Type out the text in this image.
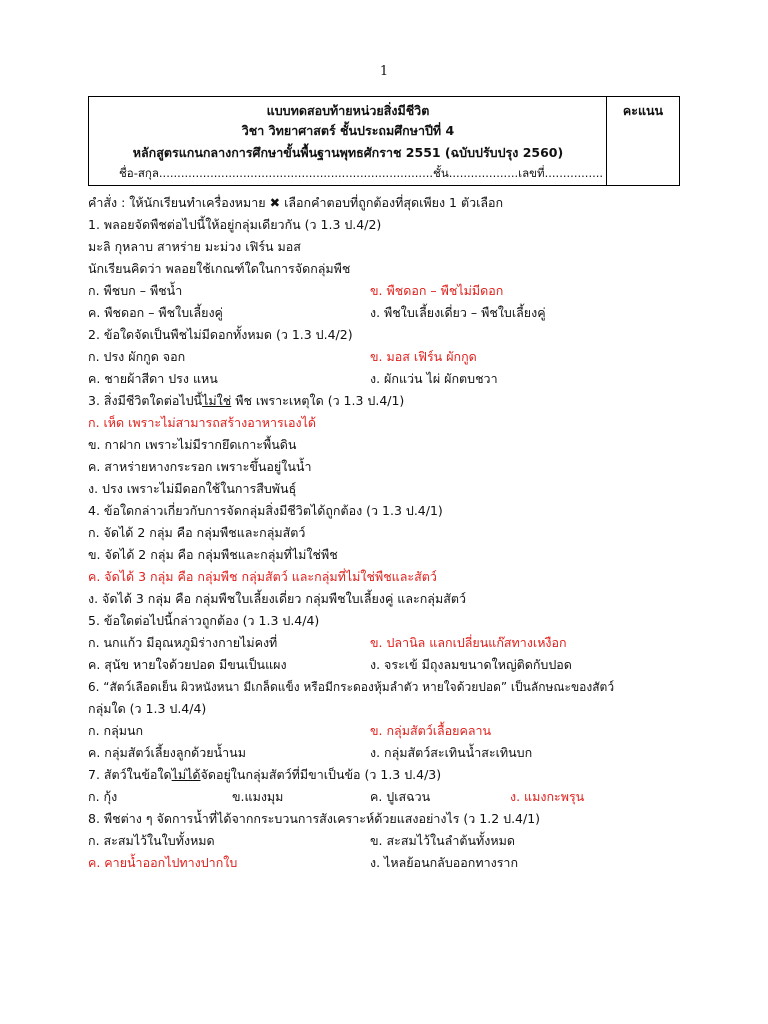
1
แบบทดสอบท้ายหน่วยสิ่งมีชีวิต
วิชา วิทยาศาสตร์ ชั้นประถมศึกษาปีที่ 4
หลักสูตรแกนกลางการศึกษาขั้นพื้นฐานพุทธศักราช 2551 (ฉบับปรับปรุง 2560)
ชื่อ-สกุล...........................................................................ชั้น...................เลขที่................
คะแนน
คำสั่ง : ให้นักเรียนทำเครื่องหมาย ✖ เลือกคำตอบที่ถูกต้องที่สุดเพียง 1 ตัวเลือก
1. พลอยจัดพืชต่อไปนี้ให้อยู่กลุ่มเดียวกัน (ว 1.3 ป.4/2)
มะลิ กุหลาบ สาหร่าย มะม่วง เฟิร์น มอส
นักเรียนคิดว่า พลอยใช้เกณฑ์ใดในการจัดกลุ่มพืช
ก. พืชบก – พืชน้ำ	ข. พืชดอก – พืชไม่มีดอก
ค. พืชดอก – พืชใบเลี้ยงคู่	ง. พืชใบเลี้ยงเดี่ยว – พืชใบเลี้ยงคู่
2. ข้อใดจัดเป็นพืชไม่มีดอกทั้งหมด (ว 1.3 ป.4/2)
ก. ปรง ผักกูด จอก	ข. มอส เฟิร์น ผักกูด
ค. ชายผ้าสีดา ปรง แหน	ง. ผักแว่น ไผ่ ผักตบชวา
3. สิ่งมีชีวิตใดต่อไปนี้ไม่ใช่ พืช เพราะเหตุใด (ว 1.3 ป.4/1)
ก. เห็ด เพราะไม่สามารถสร้างอาหารเองได้
ข. กาฝาก เพราะไม่มีรากยึดเกาะพื้นดิน
ค. สาหร่ายหางกระรอก เพราะขึ้นอยู่ในน้ำ
ง. ปรง เพราะไม่มีดอกใช้ในการสืบพันธุ์
4. ข้อใดกล่าวเกี่ยวกับการจัดกลุ่มสิ่งมีชีวิตได้ถูกต้อง (ว 1.3 ป.4/1)
ก. จัดได้ 2 กลุ่ม คือ กลุ่มพืชและกลุ่มสัตว์
ข. จัดได้ 2 กลุ่ม คือ กลุ่มพืชและกลุ่มที่ไม่ใช่พืช
ค. จัดได้ 3 กลุ่ม คือ กลุ่มพืช กลุ่มสัตว์ และกลุ่มที่ไม่ใช่พืชและสัตว์
ง. จัดได้ 3 กลุ่ม คือ กลุ่มพืชใบเลี้ยงเดี่ยว กลุ่มพืชใบเลี้ยงคู่ และกลุ่มสัตว์
5. ข้อใดต่อไปนี้กล่าวถูกต้อง (ว 1.3 ป.4/4)
ก. นกแก้ว มีอุณหภูมิร่างกายไม่คงที่	ข. ปลานิล แลกเปลี่ยนแก๊สทางเหงือก
ค. สุนัข หายใจด้วยปอด มีขนเป็นแผง	ง. จระเข้ มีถุงลมขนาดใหญ่ติดกับปอด
6. “สัตว์เลือดเย็น ผิวหนังหนา มีเกล็ดแข็ง หรือมีกระดองหุ้มลำตัว หายใจด้วยปอด” เป็นลักษณะของสัตว์
กลุ่มใด (ว 1.3 ป.4/4)
ก. กลุ่มนก	ข. กลุ่มสัตว์เลื้อยคลาน
ค. กลุ่มสัตว์เลี้ยงลูกด้วยน้ำนม	ง. กลุ่มสัตว์สะเทินน้ำสะเทินบก
7. สัตว์ในข้อใดไม่ได้จัดอยู่ในกลุ่มสัตว์ที่มีขาเป็นข้อ (ว 1.3 ป.4/3)
ก. กุ้ง	ข.แมงมุม	ค. ปูเสฉวน	ง. แมงกะพรุน
8. พืชต่าง ๆ จัดการน้ำที่ได้จากกระบวนการสังเคราะห์ด้วยแสงอย่างไร (ว 1.2 ป.4/1)
ก. สะสมไว้ในใบทั้งหมด	ข. สะสมไว้ในลำต้นทั้งหมด
ค. คายน้ำออกไปทางปากใบ	ง. ไหลย้อนกลับออกทางราก
